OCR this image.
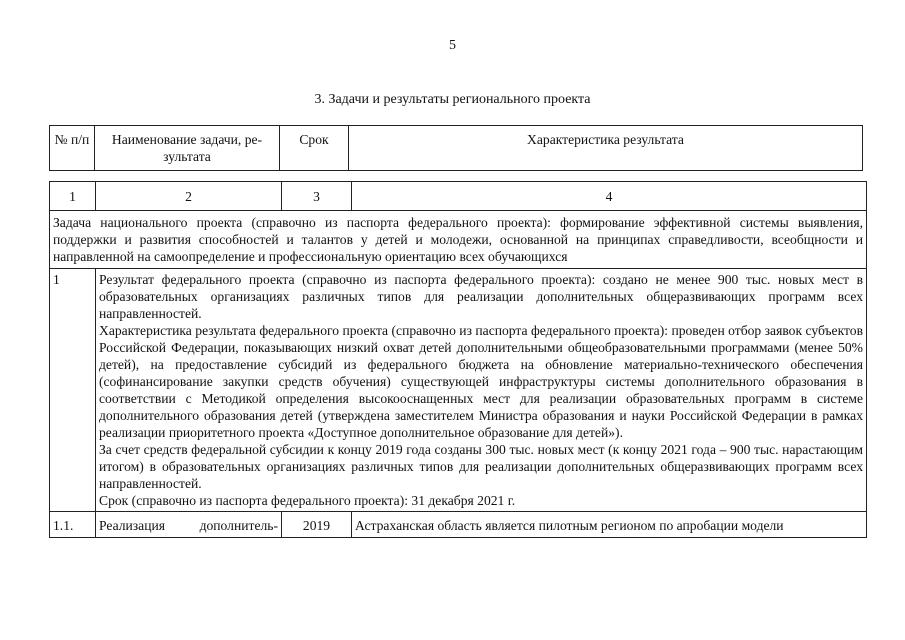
5
3. Задачи и результаты регионального проекта
№ п/п	Наименование задачи, ре-зультата	Срок	Характеристика результата
1	2	3	4
Задача национального проекта (справочно из паспорта федерального проекта): формирование эффективной системы выявления, поддержки и развития способностей и талантов у детей и молодежи, основанной на принципах справедливости, всеобщности и направленной на самоопределение и профессиональную ориентацию всех обучающихся			
1	Результат федерального проекта (справочно из паспорта федерального проекта): создано не менее 900 тыс. новых мест в образовательных организациях различных типов для реализации дополнительных общеразвивающих программ всех направленностей.

Характеристика результата федерального проекта (справочно из паспорта федерального проекта): проведен отбор заявок субъектов Российской Федерации, показывающих низкий охват детей дополнительными общеобразовательными программами (менее 50% детей), на предоставление субсидий из федерального бюджета на обновление материально-технического обеспечения (софинансирование закупки средств обучения) существующей инфраструктуры системы дополнительного образования в соответствии с Методикой определения высокооснащенных мест для реализации образовательных программ в системе дополнительного образования детей (утверждена заместителем Министра образования и науки Российской Федерации в рамках реализации приоритетного проекта «Доступное дополнительное образование для детей»).

За счет средств федеральной субсидии к концу 2019 года созданы 300 тыс. новых мест (к концу 2021 года – 900 тыс. нарастающим итогом) в образовательных организациях различных типов для реализации дополнительных общеразвивающих программ всех направленностей.

Срок (справочно из паспорта федерального проекта): 31 декабря 2021 г.		

1.1.	Реализация дополнитель-	2019	Астраханская область является пилотным регионом по апробации модели
